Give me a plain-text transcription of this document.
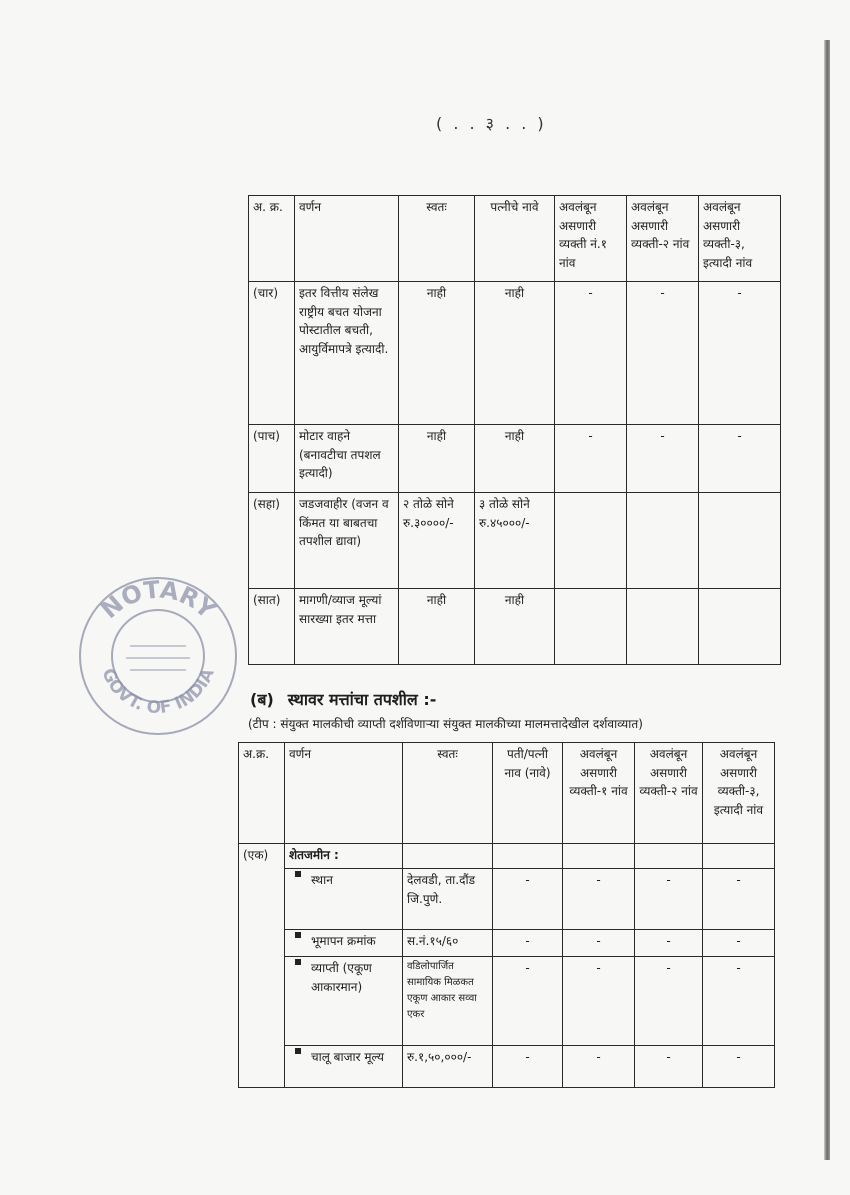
( . . ३ . . )
अ. क्र.	वर्णन	स्वतः	पत्नीचे नावे	अवलंबून असणारी व्यक्ती नं.१ नांव	अवलंबून असणारी व्यक्ती-२ नांव	अवलंबून असणारी व्यक्ती-३, इत्यादी नांव
(चार)	इतर वित्तीय संलेख राष्ट्रीय बचत योजना पोस्टातील बचती, आयुर्विमापत्रे इत्यादी.	नाही	नाही	-	-	-
(पाच)	मोटार वाहने (बनावटीचा तपशल इत्यादी)	नाही	नाही	-	-	-
(सहा)	जडजवाहीर (वजन व किंमत या बाबतचा तपशील द्यावा)	२ तोळे सोने रु.३००००/-	३ तोळे सोने रु.४५०००/-			
(सात)	मागणी/व्याज मूल्यां सारख्या इतर मत्ता	नाही	नाही			
(ब) स्थावर मत्तांचा तपशील :-
(टीप : संयुक्त मालकीची व्याप्ती दर्शविणाऱ्या संयुक्त मालकीच्या मालमत्तादेखील दर्शवाव्यात)
अ.क्र.	वर्णन	स्वतः	पती/पत्नी नाव (नावे)	अवलंबून असणारी व्यक्ती-१ नांव	अवलंबून असणारी व्यक्ती-२ नांव	अवलंबून असणारी व्यक्ती-३, इत्यादी नांव
(एक)	शेतजमीन :					

	स्थान	देलवडी, ता.दौंड जि.पुणे.	-	-	-	-

	भूमापन क्रमांक	स.नं.१५/६०	-	-	-	-

	व्याप्ती (एकूण आकारमान)	वडिलोपार्जित सामायिक मिळकत एकूण आकार सव्वा एकर	-	-	-	-

	चालू बाजार मूल्य	रु.१,५०,०००/-	-	-	-	-
NOTARY
GOVT. OF INDIA
